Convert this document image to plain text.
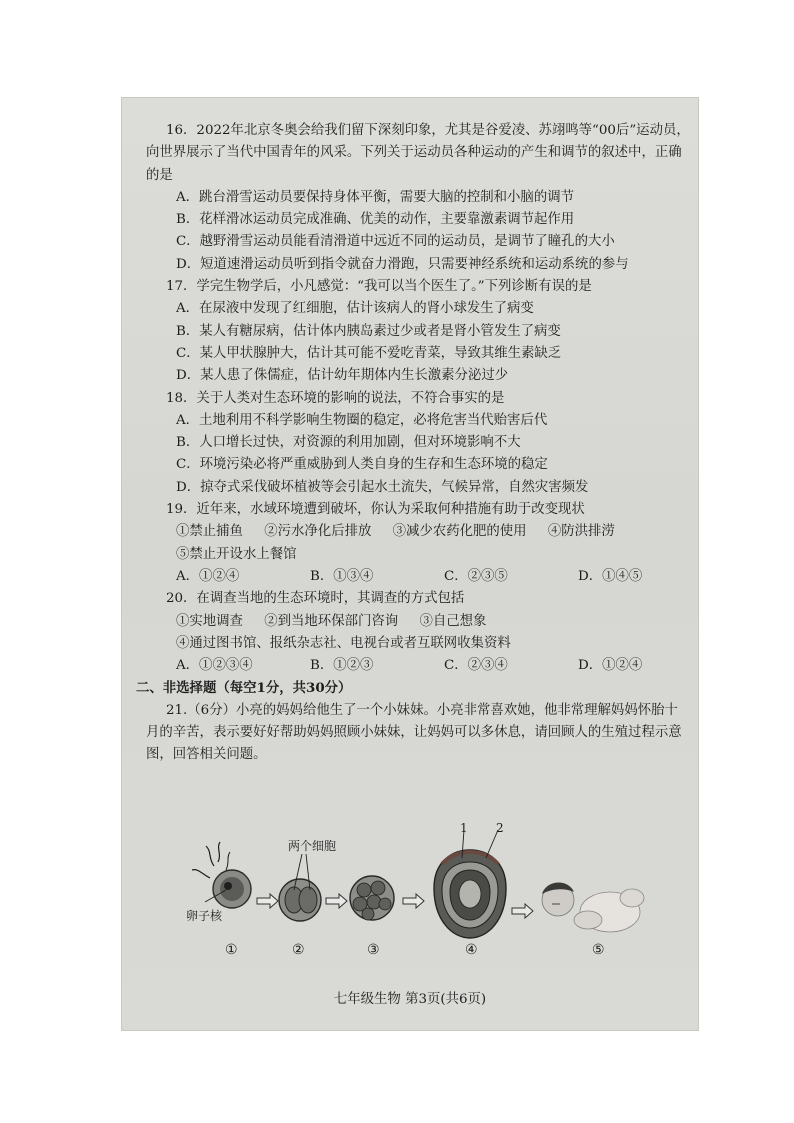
16．2022年北京冬奥会给我们留下深刻印象，尤其是谷爱凌、苏翊鸣等“00后”运动员，
向世界展示了当代中国青年的风采。下列关于运动员各种运动的产生和调节的叙述中，正确
的是
A．跳台滑雪运动员要保持身体平衡，需要大脑的控制和小脑的调节
B．花样滑冰运动员完成准确、优美的动作，主要靠激素调节起作用
C．越野滑雪运动员能看清滑道中远近不同的运动员，是调节了瞳孔的大小
D．短道速滑运动员听到指令就奋力滑跑，只需要神经系统和运动系统的参与
17．学完生物学后，小凡感觉：“我可以当个医生了。”下列诊断有误的是
A．在尿液中发现了红细胞，估计该病人的肾小球发生了病变
B．某人有糖尿病，估计体内胰岛素过少或者是肾小管发生了病变
C．某人甲状腺肿大，估计其可能不爱吃青菜，导致其维生素缺乏
D．某人患了侏儒症，估计幼年期体内生长激素分泌过少
18．关于人类对生态环境的影响的说法，不符合事实的是
A．土地利用不科学影响生物圈的稳定，必将危害当代贻害后代
B．人口增长过快，对资源的利用加剧，但对环境影响不大
C．环境污染必将严重威胁到人类自身的生存和生态环境的稳定
D．掠夺式采伐破坏植被等会引起水土流失，气候异常，自然灾害频发
19．近年来，水域环境遭到破坏，你认为采取何种措施有助于改变现状
①禁止捕鱼 ②污水净化后排放 ③减少农药化肥的使用 ④防洪排涝
⑤禁止开设水上餐馆
A．①②④	B．①③④	C．②③⑤	D．①④⑤
20．在调查当地的生态环境时，其调查的方式包括
①实地调查 ②到当地环保部门咨询 ③自己想象
④通过图书馆、报纸杂志社、电视台或者互联网收集资料
A．①②③④	B．①②③	C．②③④	D．①②④
二、非选择题（每空1分，共30分）
21.（6分）小亮的妈妈给他生了一个小妹妹。小亮非常喜欢她，他非常理解妈妈怀胎十
月的辛苦，表示要好好帮助妈妈照顾小妹妹，让妈妈可以多休息，请回顾人的生殖过程示意
图，回答相关问题。
卵子核
①
两个细胞
②	③
1 2
④	⑤
七年级生物 第3页(共6页)
